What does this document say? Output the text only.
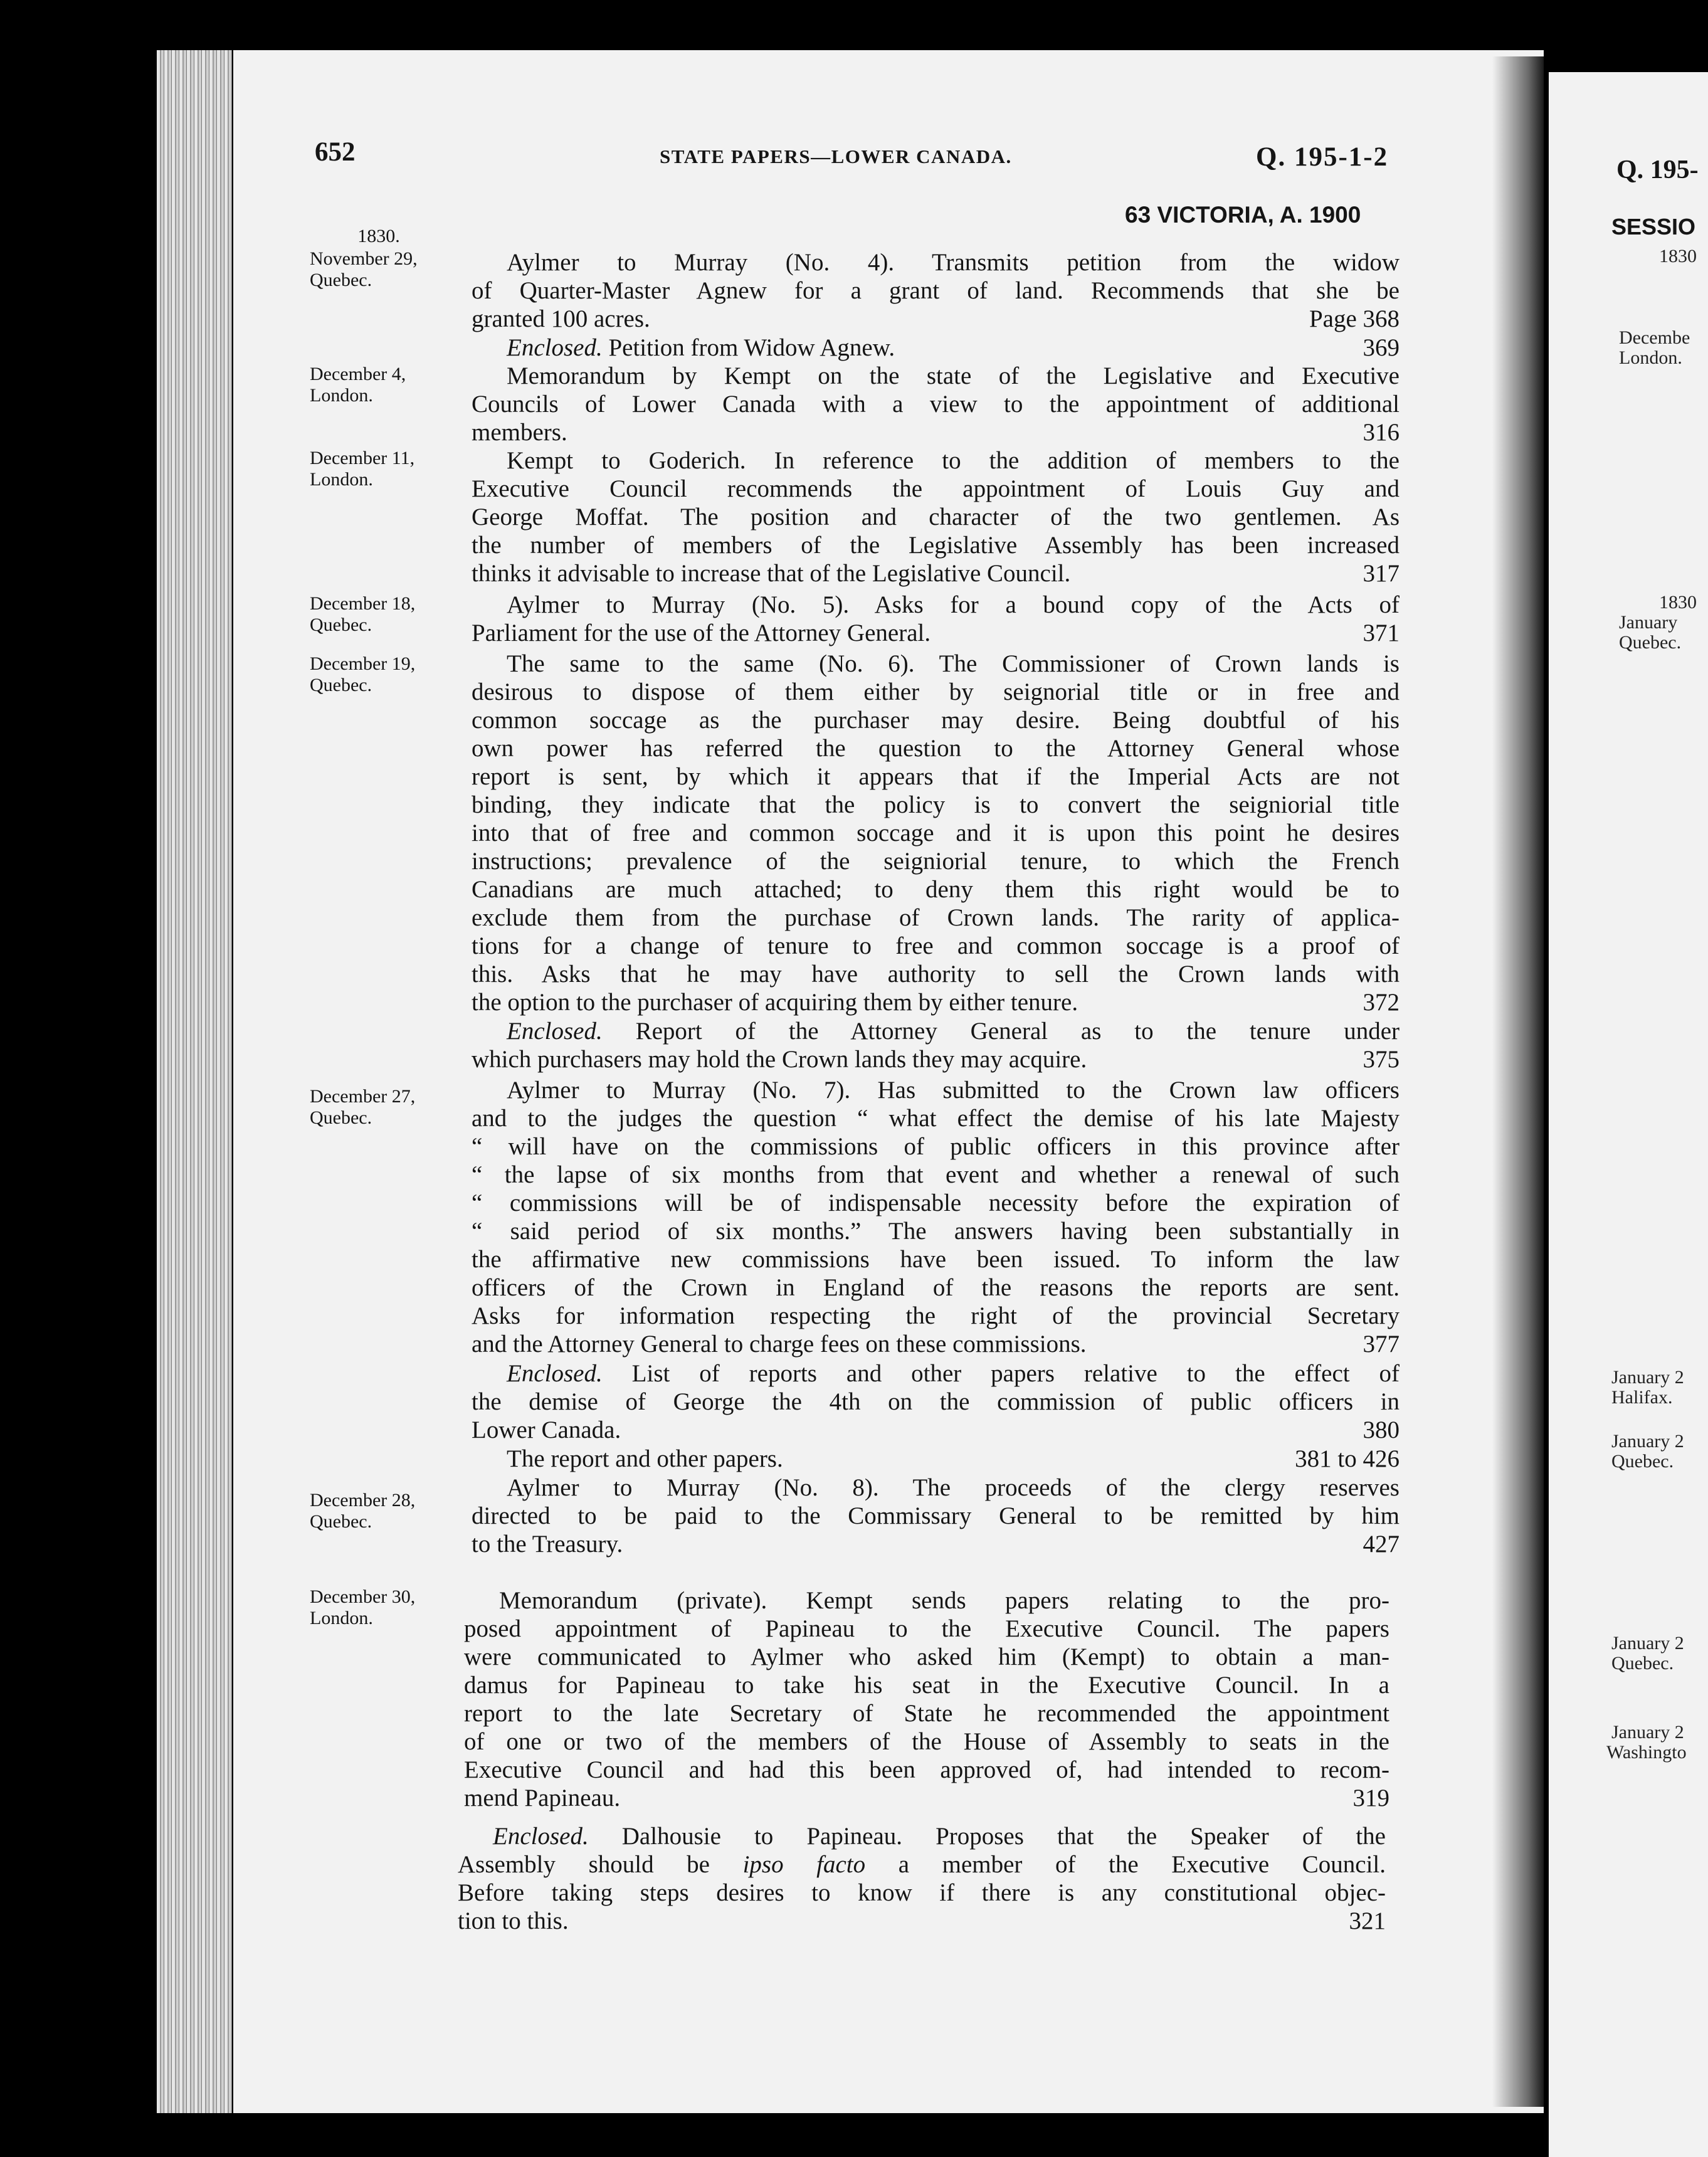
652	STATE PAPERS—LOWER CANADA.	Q. 195-1-2
63 VICTORIA, A. 1900
1830.
November 29,
Quebec.
Aylmer to Murray (No. 4). Transmits petition from the widow
of Quarter-Master Agnew for a grant of land. Recommends that she be
granted 100 acres.	Page 368
Enclosed. Petition from Widow Agnew.	369
December 4,
London.
Memorandum by Kempt on the state of the Legislative and Executive
Councils of Lower Canada with a view to the appointment of additional
members.	316
December 11,
London.
Kempt to Goderich. In reference to the addition of members to the
Executive Council recommends the appointment of Louis Guy and
George Moffat. The position and character of the two gentlemen. As
the number of members of the Legislative Assembly has been increased
thinks it advisable to increase that of the Legislative Council.	317
December 18,
Quebec.
Aylmer to Murray (No. 5). Asks for a bound copy of the Acts of
Parliament for the use of the Attorney General.	371
December 19,
Quebec.
The same to the same (No. 6). The Commissioner of Crown lands is
desirous to dispose of them either by seignorial title or in free and
common soccage as the purchaser may desire. Being doubtful of his
own power has referred the question to the Attorney General whose
report is sent, by which it appears that if the Imperial Acts are not
binding, they indicate that the policy is to convert the seigniorial title
into that of free and common soccage and it is upon this point he desires
instructions; prevalence of the seigniorial tenure, to which the French
Canadians are much attached; to deny them this right would be to
exclude them from the purchase of Crown lands. The rarity of applica-
tions for a change of tenure to free and common soccage is a proof of
this. Asks that he may have authority to sell the Crown lands with
the option to the purchaser of acquiring them by either tenure.	372
Enclosed. Report of the Attorney General as to the tenure under
which purchasers may hold the Crown lands they may acquire.	375
December 27,
Quebec.
Aylmer to Murray (No. 7). Has submitted to the Crown law officers
and to the judges the question “ what effect the demise of his late Majesty
“ will have on the commissions of public officers in this province after
“ the lapse of six months from that event and whether a renewal of such
“ commissions will be of indispensable necessity before the expiration of
“ said period of six months.” The answers having been substantially in
the affirmative new commissions have been issued. To inform the law
officers of the Crown in England of the reasons the reports are sent.
Asks for information respecting the right of the provincial Secretary
and the Attorney General to charge fees on these commissions.	377
Enclosed. List of reports and other papers relative to the effect of
the demise of George the 4th on the commission of public officers in
Lower Canada.	380
The report and other papers.	381 to 426
December 28,
Quebec.
Aylmer to Murray (No. 8). The proceeds of the clergy reserves
directed to be paid to the Commissary General to be remitted by him
to the Treasury.	427
December 30,
London.
Memorandum (private). Kempt sends papers relating to the pro-
posed appointment of Papineau to the Executive Council. The papers
were communicated to Aylmer who asked him (Kempt) to obtain a man-
damus for Papineau to take his seat in the Executive Council. In a
report to the late Secretary of State he recommended the appointment
of one or two of the members of the House of Assembly to seats in the
Executive Council and had this been approved of, had intended to recom-
mend Papineau.	319
Enclosed. Dalhousie to Papineau. Proposes that the Speaker of the
Assembly should be ipso facto a member of the Executive Council.
Before taking steps desires to know if there is any constitutional objec-
tion to this.	321
Q. 195-
SESSIO
1830
Decembe
London.
1830
January
Quebec.
January 2
Halifax.
January 2
Quebec.
January 2
Quebec.
January 2
Washingto
